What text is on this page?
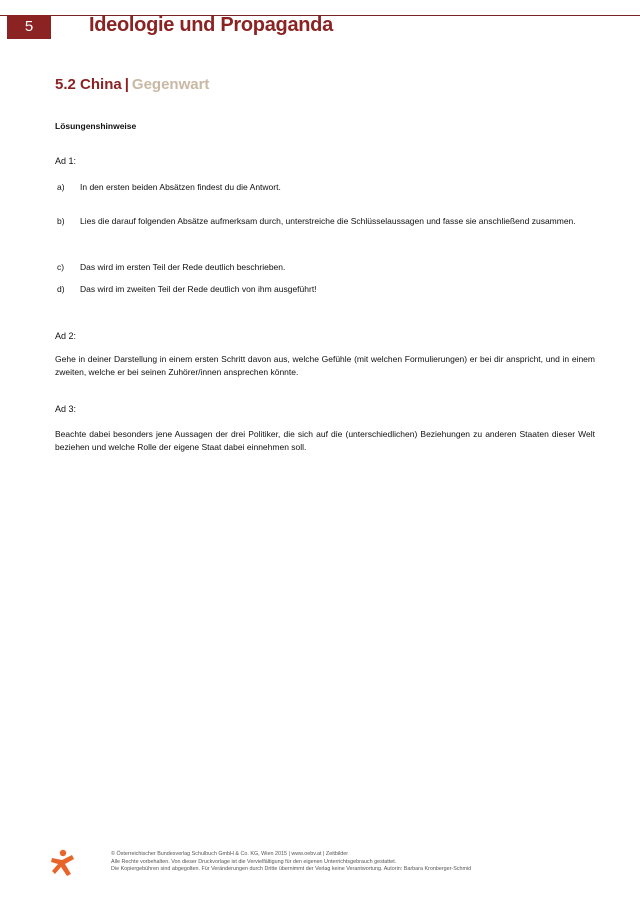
5	Ideologie und Propaganda
5.2 China | Gegenwart
Lösungenshinweise
Ad 1:
a) In den ersten beiden Absätzen findest du die Antwort.
b) Lies die darauf folgenden Absätze aufmerksam durch, unterstreiche die Schlüsselaussagen und fasse sie anschließend zusammen.
c) Das wird im ersten Teil der Rede deutlich beschrieben.
d) Das wird im zweiten Teil der Rede deutlich von ihm ausgeführt!
Ad 2:
Gehe in deiner Darstellung in einem ersten Schritt davon aus, welche Gefühle (mit welchen Formulierungen) er bei dir anspricht, und in einem zweiten, welche er bei seinen Zuhörer/innen ansprechen könnte.
Ad 3:
Beachte dabei besonders jene Aussagen der drei Politiker, die sich auf die (unterschiedlichen) Beziehungen zu anderen Staaten dieser Welt beziehen und welche Rolle der eigene Staat dabei einnehmen soll.
© Österreichischer Bundesverlag Schulbuch GmbH & Co. KG, Wien 2015 | www.oebv.at | Zeitbilder
Alle Rechte vorbehalten. Von dieser Druckvorlage ist die Vervielfältigung für den eigenen Unterrichtsgebrauch gestattet.
Die Kopiergebühren sind abgegolten. Für Veränderungen durch Dritte übernimmt der Verlag keine Verantwortung. Autorin: Barbara Kronberger-Schmid
